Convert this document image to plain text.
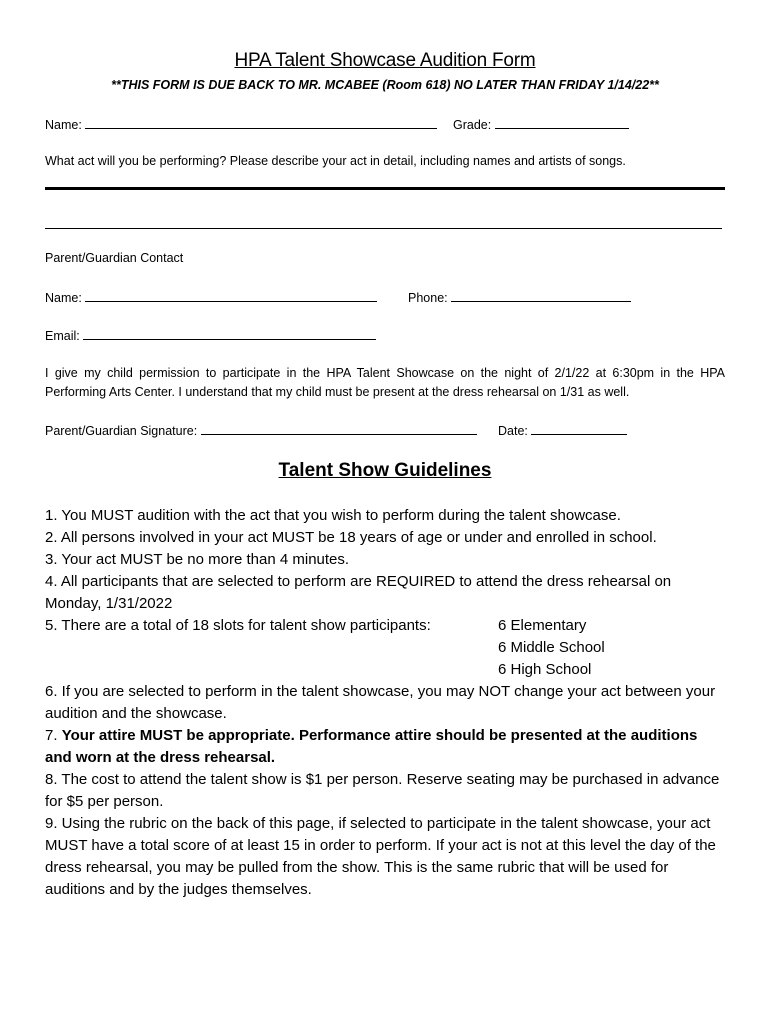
HPA Talent Showcase Audition Form
**THIS FORM IS DUE BACK TO MR. MCABEE (Room 618) NO LATER THAN FRIDAY 1/14/22**
Name:	Grade:
What act will you be performing? Please describe your act in detail, including names and artists of songs.
Parent/Guardian Contact
Name:	Phone:
Email:
I give my child permission to participate in the HPA Talent Showcase on the night of 2/1/22 at 6:30pm in the HPA Performing Arts Center. I understand that my child must be present at the dress rehearsal on 1/31 as well.
Parent/Guardian Signature:	Date:
Talent Show Guidelines

1. You MUST audition with the act that you wish to perform during the talent showcase.

2. All persons involved in your act MUST be 18 years of age or under and enrolled in school.

3. Your act MUST be no more than 4 minutes.

4. All participants that are selected to perform are REQUIRED to attend the dress rehearsal on Monday, 1/31/2022

5. There are a total of 18 slots for talent show participants:	6 Elementary

6 Middle School

6 High School

6. If you are selected to perform in the talent showcase, you may NOT change your act between your audition and the showcase.

7. Your attire MUST be appropriate. Performance attire should be presented at the auditions and worn at the dress rehearsal.

8. The cost to attend the talent show is $1 per person. Reserve seating may be purchased in advance for $5 per person.

9. Using the rubric on the back of this page, if selected to participate in the talent showcase, your act MUST have a total score of at least 15 in order to perform. If your act is not at this level the day of the dress rehearsal, you may be pulled from the show. This is the same rubric that will be used for auditions and by the judges themselves.
